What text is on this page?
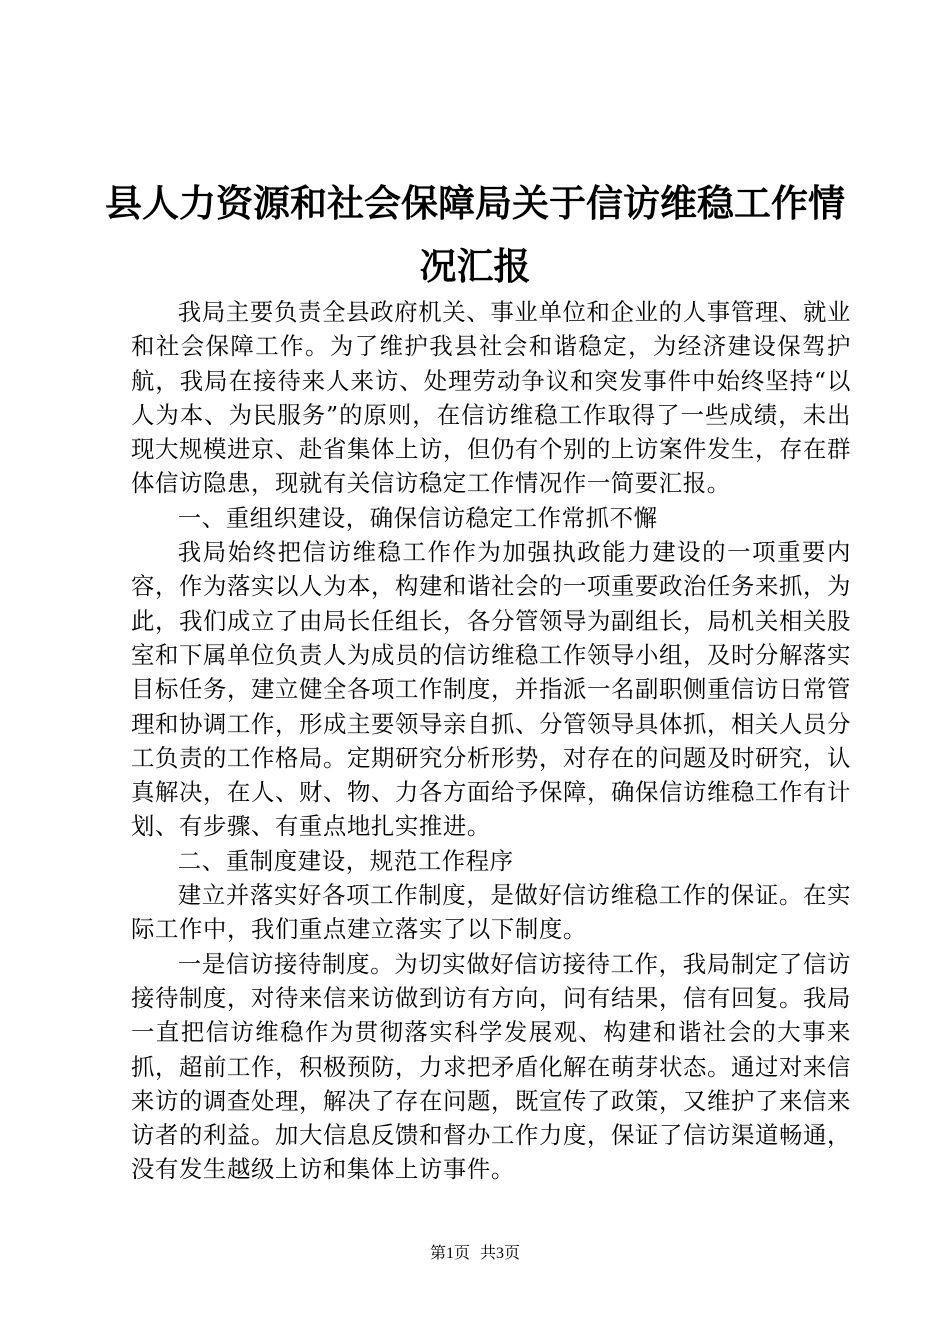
县人力资源和社会保障局关于信访维稳工作情况汇报

我局主要负责全县政府机关、事业单位和企业的人事管理、就业和社会保障工作。为了维护我县社会和谐稳定，为经济建设保驾护航，我局在接待来人来访、处理劳动争议和突发事件中始终坚持“以人为本、为民服务”的原则，在信访维稳工作取得了一些成绩，未出现大规模进京、赴省集体上访，但仍有个别的上访案件发生，存在群体信访隐患，现就有关信访稳定工作情况作一简要汇报。

一、重组织建设，确保信访稳定工作常抓不懈

我局始终把信访维稳工作作为加强执政能力建设的一项重要内容，作为落实以人为本，构建和谐社会的一项重要政治任务来抓，为此，我们成立了由局长任组长，各分管领导为副组长，局机关相关股室和下属单位负责人为成员的信访维稳工作领导小组，及时分解落实目标任务，建立健全各项工作制度，并指派一名副职侧重信访日常管理和协调工作，形成主要领导亲自抓、分管领导具体抓，相关人员分工负责的工作格局。定期研究分析形势，对存在的问题及时研究，认真解决，在人、财、物、力各方面给予保障，确保信访维稳工作有计划、有步骤、有重点地扎实推进。

二、重制度建设，规范工作程序

建立并落实好各项工作制度，是做好信访维稳工作的保证。在实际工作中，我们重点建立落实了以下制度。

一是信访接待制度。为切实做好信访接待工作，我局制定了信访接待制度，对待来信来访做到访有方向，问有结果，信有回复。我局一直把信访维稳作为贯彻落实科学发展观、构建和谐社会的大事来抓，超前工作，积极预防，力求把矛盾化解在萌芽状态。通过对来信来访的调查处理，解决了存在问题，既宣传了政策，又维护了来信来访者的利益。加大信息反馈和督办工作力度，保证了信访渠道畅通，没有发生越级上访和集体上访事件。

第1页 共3页
